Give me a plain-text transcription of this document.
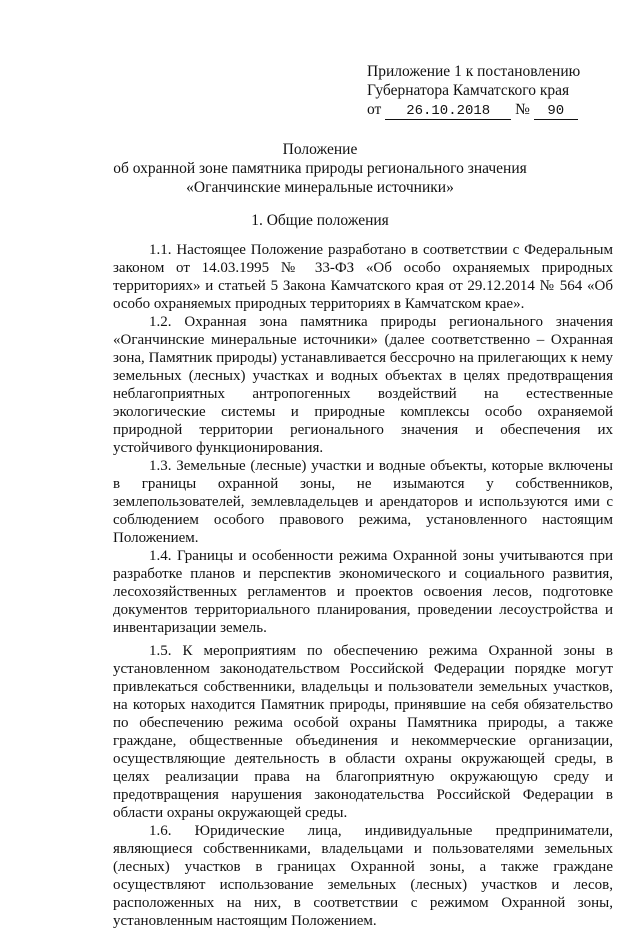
Приложение 1 к постановлению
Губернатора Камчатского края
от 26.10.2018 № 90
Положение
об охранной зоне памятника природы регионального значения
«Оганчинские минеральные источники»
1. Общие положения

1.1. Настоящее Положение разработано в соответствии с Федеральным законом от 14.03.1995 № 33-ФЗ «Об особо охраняемых природных территориях» и статьей 5 Закона Камчатского края от 29.12.2014 № 564 «Об особо охраняемых природных территориях в Камчатском крае».

1.2. Охранная зона памятника природы регионального значения «Оганчинские минеральные источники» (далее соответственно – Охранная зона, Памятник природы) устанавливается бессрочно на прилегающих к нему земельных (лесных) участках и водных объектах в целях предотвращения неблагоприятных антропогенных воздействий на естественные экологические системы и природные комплексы особо охраняемой природной территории регионального значения и обеспечения их устойчивого функционирования.

1.3. Земельные (лесные) участки и водные объекты, которые включены в границы охранной зоны, не изымаются у собственников, землепользователей, землевладельцев и арендаторов и используются ими с соблюдением особого правового режима, установленного настоящим Положением.

1.4. Границы и особенности режима Охранной зоны учитываются при разработке планов и перспектив экономического и социального развития, лесохозяйственных регламентов и проектов освоения лесов, подготовке документов территориального планирования, проведении лесоустройства и инвентаризации земель.

1.5. К мероприятиям по обеспечению режима Охранной зоны в установленном законодательством Российской Федерации порядке могут привлекаться собственники, владельцы и пользователи земельных участков, на которых находится Памятник природы, принявшие на себя обязательство по обеспечению режима особой охраны Памятника природы, а также граждане, общественные объединения и некоммерческие организации, осуществляющие деятельность в области охраны окружающей среды, в целях реализации права на благоприятную окружающую среду и предотвращения нарушения законодательства Российской Федерации в области охраны окружающей среды.

1.6. Юридические лица, индивидуальные предприниматели, являющиеся собственниками, владельцами и пользователями земельных (лесных) участков в границах Охранной зоны, а также граждане осуществляют использование земельных (лесных) участков и лесов, расположенных на них, в соответствии с режимом Охранной зоны, установленным настоящим Положением.
